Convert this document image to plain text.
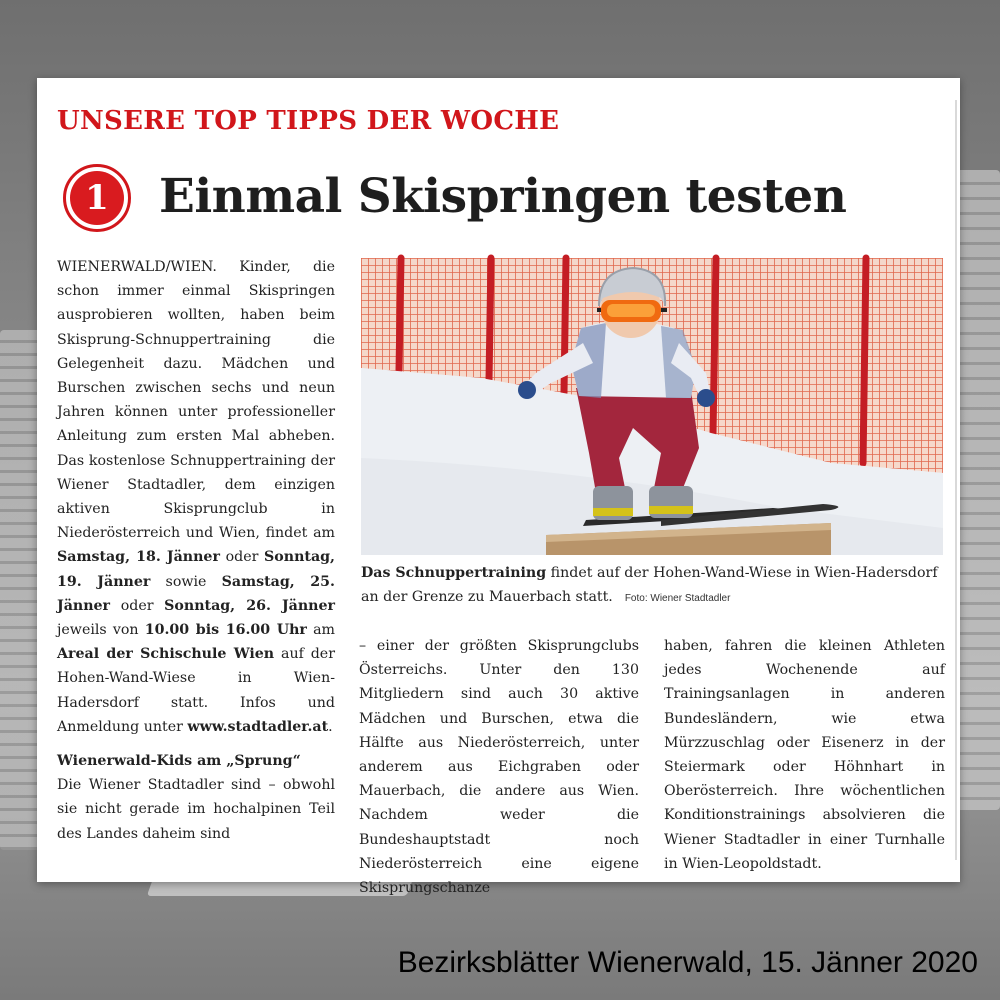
UNSERE TOP TIPPS DER WOCHE
1	Einmal Skispringen testen

WIENERWALD/WIEN. Kinder, die schon immer einmal Skispringen ausprobieren wollten, haben beim Skisprung-Schnuppertraining die Gelegenheit dazu. Mädchen und Burschen zwischen sechs und neun Jahren können unter professioneller Anleitung zum ersten Mal abheben. Das kostenlose Schnuppertraining der Wiener Stadtadler, dem einzigen aktiven Skisprungclub in Niederösterreich und Wien, findet am Samstag, 18. Jänner oder Sonntag, 19. Jänner sowie Samstag, 25. Jänner oder Sonntag, 26. Jänner jeweils von 10.00 bis 16.00 Uhr am Areal der Schischule Wien auf der Hohen-Wand-Wiese in Wien-Hadersdorf statt. Infos und Anmeldung unter www.stadtadler.at.

Wienerwald-Kids am „Sprung“

Die Wiener Stadtadler sind – obwohl sie nicht gerade im hochalpinen Teil des Landes daheim sind

Das Schnuppertraining findet auf der Hohen-Wand-Wiese in Wien-Hadersdorf an der Grenze zu Mauerbach statt. Foto: Wiener Stadtadler

– einer der größten Skisprungclubs Österreichs. Unter den 130 Mitgliedern sind auch 30 aktive Mädchen und Burschen, etwa die Hälfte aus Niederösterreich, unter anderem aus Eichgraben oder Mauerbach, die andere aus Wien. Nachdem weder die Bundeshauptstadt noch Niederösterreich eine eigene Skisprungschanze

haben, fahren die kleinen Athleten jedes Wochenende auf Trainingsanlagen in anderen Bundesländern, wie etwa Mürzzuschlag oder Eisenerz in der Steiermark oder Höhnhart in Oberösterreich. Ihre wöchentlichen Konditionstrainings absolvieren die Wiener Stadtadler in einer Turnhalle in Wien-Leopoldstadt.

Bezirksblätter Wienerwald, 15. Jänner 2020
